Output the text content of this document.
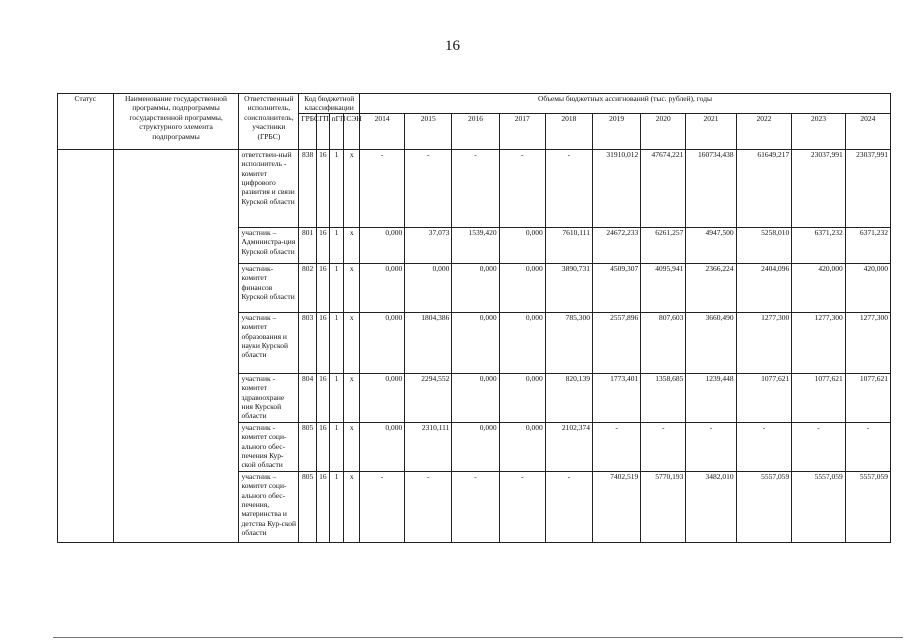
16
Статус	Наименование государственной программы, подпрограммы государственной программы, структурного элемента подпрограммы	Ответственный исполнитель, соисполнитель, участники (ГРБС)	Код бюджетной классификации				Объемы бюджетных ассигнований (тыс. рублей), годы										
			ГРБС	ГП	пГП	СЭН	2014	2015	2016	2017	2018	2019	2020	2021	2022	2023	2024
		ответствен-ный исполнитель - комитет цифрового развития и связи Курской области	838	16	1	х	-	-	-	-	-	31910,012	47674,221	160734,438	61649,217	23037,991	23037,991
		участник – Администра-ция Курской области	801	16	1	х	0,000	37,073	1539,420	0,000	7610,111	24672,233	6261,257	4947,500	5258,010	6371,232	6371,232
		участник-комитет финансов Курской области	802	16	1	х	0,000	0,000	0,000	0,000	3890,731	4509,307	4095,941	2366,224	2404,096	420,000	420,000
		участник – комитет образования и науки Курской области	803	16	1	х	0,000	1804,386	0,000	0,000	785,300	2557,896	807,603	3660,490	1277,300	1277,300	1277,300
		участник - комитет здравоохране ния Курской области	804	16	1	х	0,000	2294,552	0,000	0,000	820,139	1773,401	1358,685	1239,448	1077,621	1077,621	1077,621
		участник - комитет соци-ального обес-печения Кур-ской области	805	16	1	х	0,000	2310,111	0,000	0,000	2102,374	-	-	-	-	-	-
		участник – комитет соци-ального обес-печения, материнства и детства Кур-ской области	805	16	1	х	-	-	-	-	-	7402,519	5770,193	3482,010	5557,059	5557,059	5557,059
